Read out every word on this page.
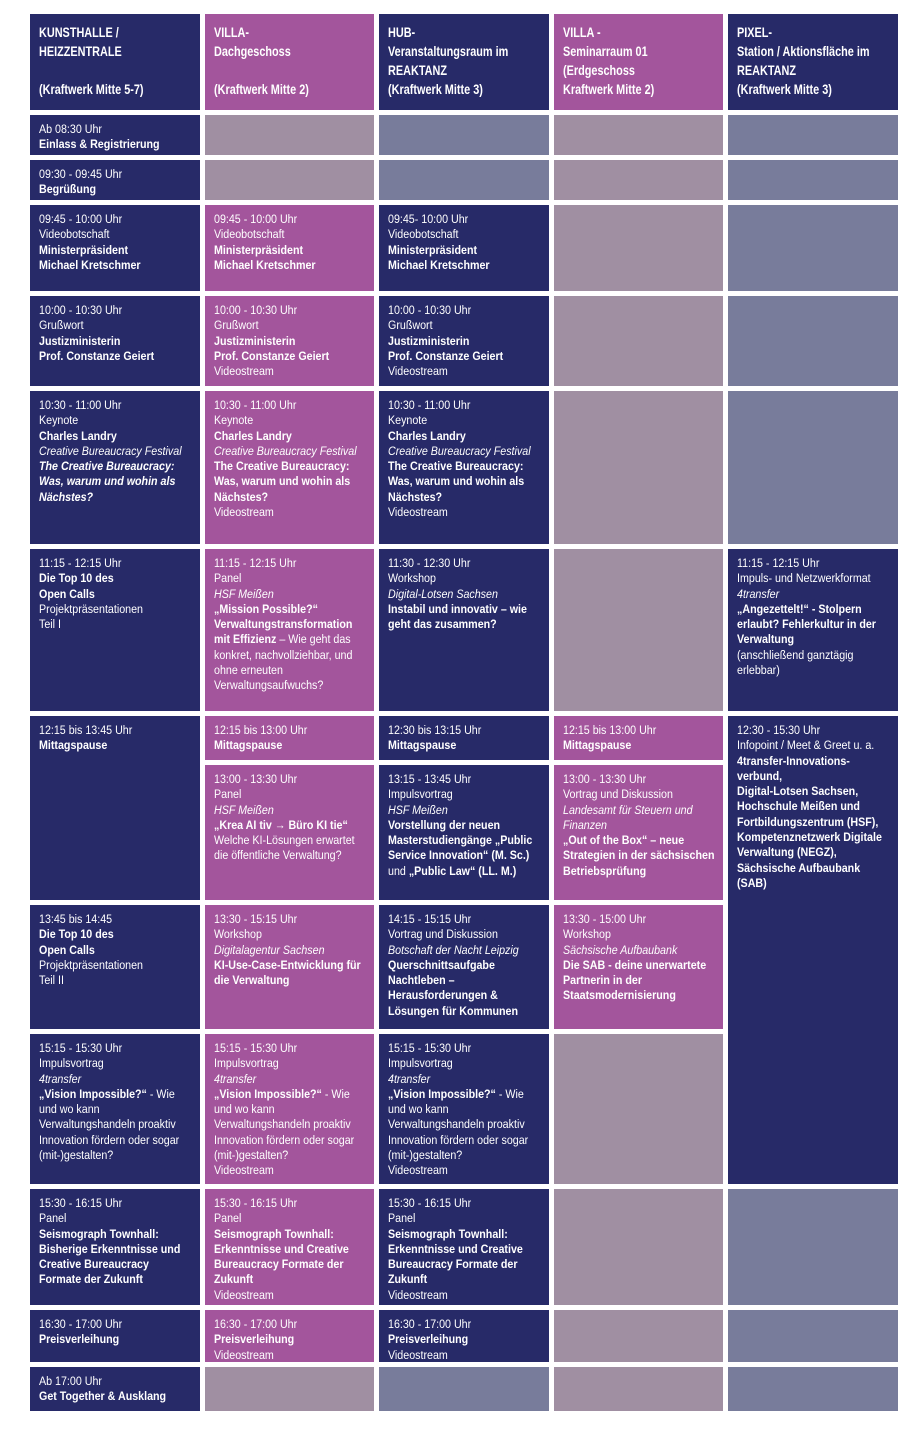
KUNSTHALLE /
HEIZZENTRALE

(Kraftwerk Mitte 5-7)
VILLA-
Dachgeschoss

(Kraftwerk Mitte 2)
HUB-
Veranstaltungsraum im
REAKTANZ
(Kraftwerk Mitte 3)
VILLA -
Seminarraum 01
(Erdgeschoss
Kraftwerk Mitte 2)
PIXEL-
Station / Aktionsfläche im
REAKTANZ
(Kraftwerk Mitte 3)
Ab 08:30 Uhr
Einlass & Registrierung
09:30 - 09:45 Uhr
Begrüßung
09:45 - 10:00 Uhr
Videobotschaft
Ministerpräsident
Michael Kretschmer
10:00 - 10:30 Uhr
Grußwort
Justizministerin
Prof. Constanze Geiert
10:30 - 11:00 Uhr
Keynote
Charles Landry
Creative Bureaucracy Festival
The Creative Bureaucracy: Was, warum und wohin als Nächstes?
11:15 - 12:15 Uhr
Die Top 10 des
Open Calls
Projektpräsentationen
Teil I
12:15 bis 13:45 Uhr
Mittagspause
13:45 bis 14:45
Die Top 10 des
Open Calls
Projektpräsentationen
Teil II
15:15 - 15:30 Uhr
Impulsvortrag
4transfer
„Vision Impossible?“ - Wie und wo kann Verwaltungshandeln proaktiv Innovation fördern oder sogar (mit-)gestalten?
15:30 - 16:15 Uhr
Panel
Seismograph Townhall: Bisherige Erkenntnisse und Creative Bureaucracy Formate der Zukunft
16:30 - 17:00 Uhr
Preisverleihung
Ab 17:00 Uhr
Get Together & Ausklang
09:45 - 10:00 Uhr
Videobotschaft
Ministerpräsident
Michael Kretschmer
10:00 - 10:30 Uhr
Grußwort
Justizministerin
Prof. Constanze Geiert
Videostream
10:30 - 11:00 Uhr
Keynote
Charles Landry
Creative Bureaucracy Festival
The Creative Bureaucracy: Was, warum und wohin als Nächstes?
Videostream
11:15 - 12:15 Uhr
Panel
HSF Meißen
„Mission Possible?“ Verwaltungstransformation mit Effizienz – Wie geht das konkret, nachvollziehbar, und ohne erneuten Verwaltungsaufwuchs?
12:15 bis 13:00 Uhr
Mittagspause
13:00 - 13:30 Uhr
Panel
HSF Meißen
„Krea AI tiv → Büro KI tie“
Welche KI-Lösungen erwartet die öffentliche Verwaltung?
13:30 - 15:15 Uhr
Workshop
Digitalagentur Sachsen
KI-Use-Case-Entwicklung für die Verwaltung
15:15 - 15:30 Uhr
Impulsvortrag
4transfer
„Vision Impossible?“ - Wie und wo kann Verwaltungshandeln proaktiv Innovation fördern oder sogar (mit-)gestalten?
Videostream
15:30 - 16:15 Uhr
Panel
Seismograph Townhall: Erkenntnisse und Creative Bureaucracy Formate der Zukunft
Videostream
16:30 - 17:00 Uhr
Preisverleihung
Videostream
09:45- 10:00 Uhr
Videobotschaft
Ministerpräsident
Michael Kretschmer
10:00 - 10:30 Uhr
Grußwort
Justizministerin
Prof. Constanze Geiert
Videostream
10:30 - 11:00 Uhr
Keynote
Charles Landry
Creative Bureaucracy Festival
The Creative Bureaucracy: Was, warum und wohin als Nächstes?
Videostream
11:30 - 12:30 Uhr
Workshop
Digital-Lotsen Sachsen
Instabil und innovativ – wie geht das zusammen?
12:30 bis 13:15 Uhr
Mittagspause
13:15 - 13:45 Uhr
Impulsvortrag
HSF Meißen
Vorstellung der neuen Masterstudiengänge „Public Service Innovation“ (M. Sc.) und „Public Law“ (LL. M.)
14:15 - 15:15 Uhr
Vortrag und Diskussion
Botschaft der Nacht Leipzig
Querschnittsaufgabe Nachtleben – Herausforderungen & Lösungen für Kommunen
15:15 - 15:30 Uhr
Impulsvortrag
4transfer
„Vision Impossible?“ - Wie und wo kann Verwaltungshandeln proaktiv Innovation fördern oder sogar (mit-)gestalten?
Videostream
15:30 - 16:15 Uhr
Panel
Seismograph Townhall: Erkenntnisse und Creative Bureaucracy Formate der Zukunft
Videostream
16:30 - 17:00 Uhr
Preisverleihung
Videostream
12:15 bis 13:00 Uhr
Mittagspause
13:00 - 13:30 Uhr
Vortrag und Diskussion
Landesamt für Steuern und Finanzen
„Out of the Box“ – neue Strategien in der sächsischen Betriebsprüfung
13:30 - 15:00 Uhr
Workshop
Sächsische Aufbaubank
Die SAB - deine unerwartete Partnerin in der Staatsmodernisierung
11:15 - 12:15 Uhr
Impuls- und Netzwerkformat
4transfer
„Angezettelt!“ - Stolpern erlaubt? Fehlerkultur in der Verwaltung
(anschließend ganztägig erlebbar)
12:30 - 15:30 Uhr
Infopoint / Meet & Greet u. a.
4transfer-Innovations-
verbund,
Digital-Lotsen Sachsen,
Hochschule Meißen und Fortbildungszentrum (HSF),
Kompetenznetzwerk Digitale Verwaltung (NEGZ),
Sächsische Aufbaubank (SAB)
